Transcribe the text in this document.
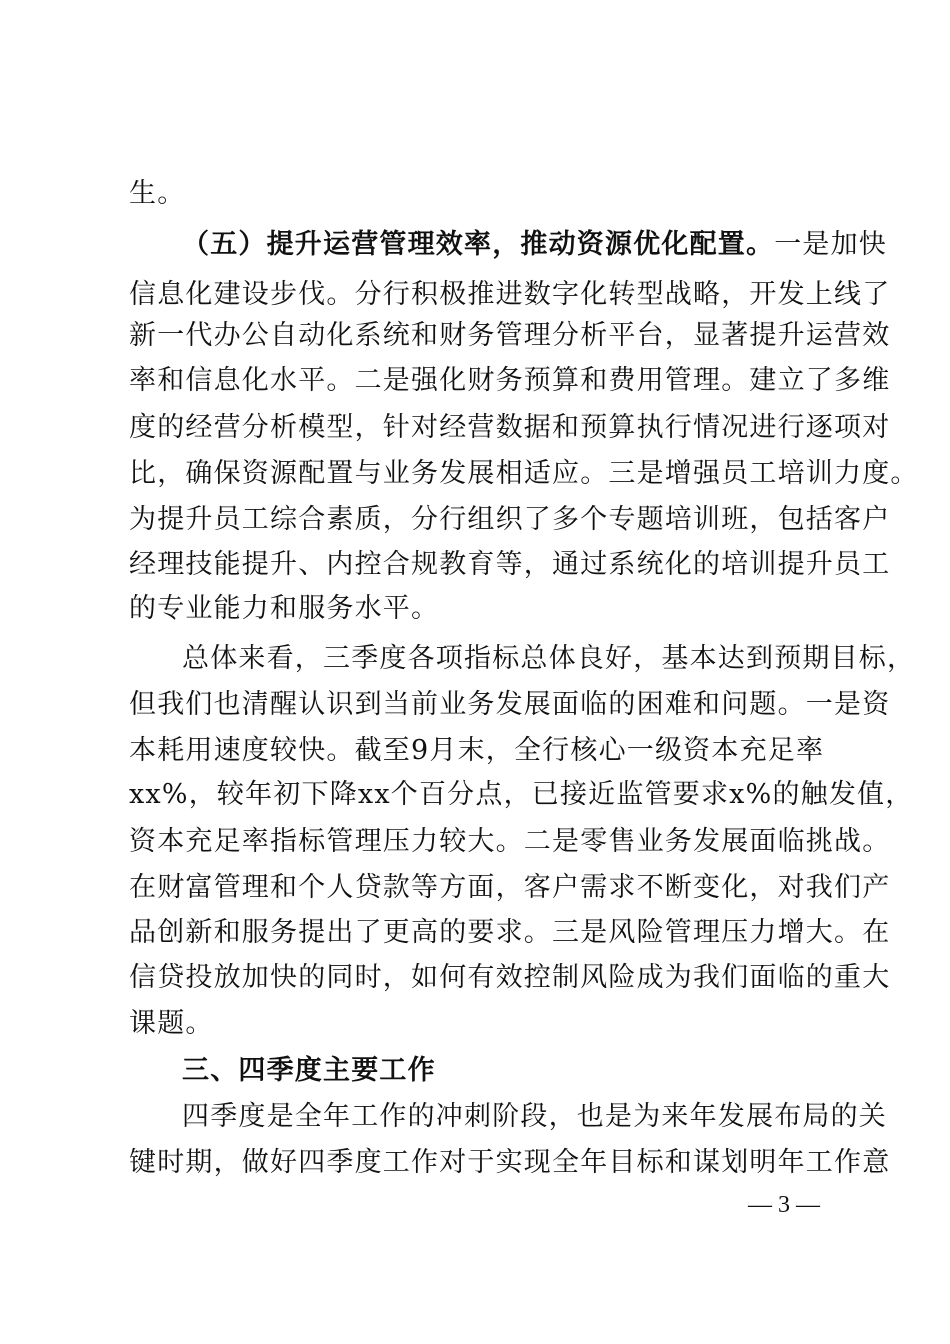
生。
（五）提升运营管理效率，推动资源优化配置。一是加快
信息化建设步伐。分行积极推进数字化转型战略，开发上线了
新一代办公自动化系统和财务管理分析平台，显著提升运营效
率和信息化水平。二是强化财务预算和费用管理。建立了多维
度的经营分析模型，针对经营数据和预算执行情况进行逐项对
比，确保资源配置与业务发展相适应。三是增强员工培训力度。
为提升员工综合素质，分行组织了多个专题培训班，包括客户
经理技能提升、内控合规教育等，通过系统化的培训提升员工
的专业能力和服务水平。
总体来看，三季度各项指标总体良好，基本达到预期目标，
但我们也清醒认识到当前业务发展面临的困难和问题。一是资
本耗用速度较快。截至9月末，全行核心一级资本充足率
xx%，较年初下降xx个百分点，已接近监管要求x%的触发值，
资本充足率指标管理压力较大。二是零售业务发展面临挑战。
在财富管理和个人贷款等方面，客户需求不断变化，对我们产
品创新和服务提出了更高的要求。三是风险管理压力增大。在
信贷投放加快的同时，如何有效控制风险成为我们面临的重大
课题。
三、四季度主要工作
四季度是全年工作的冲刺阶段，也是为来年发展布局的关
键时期，做好四季度工作对于实现全年目标和谋划明年工作意
— 3 —
